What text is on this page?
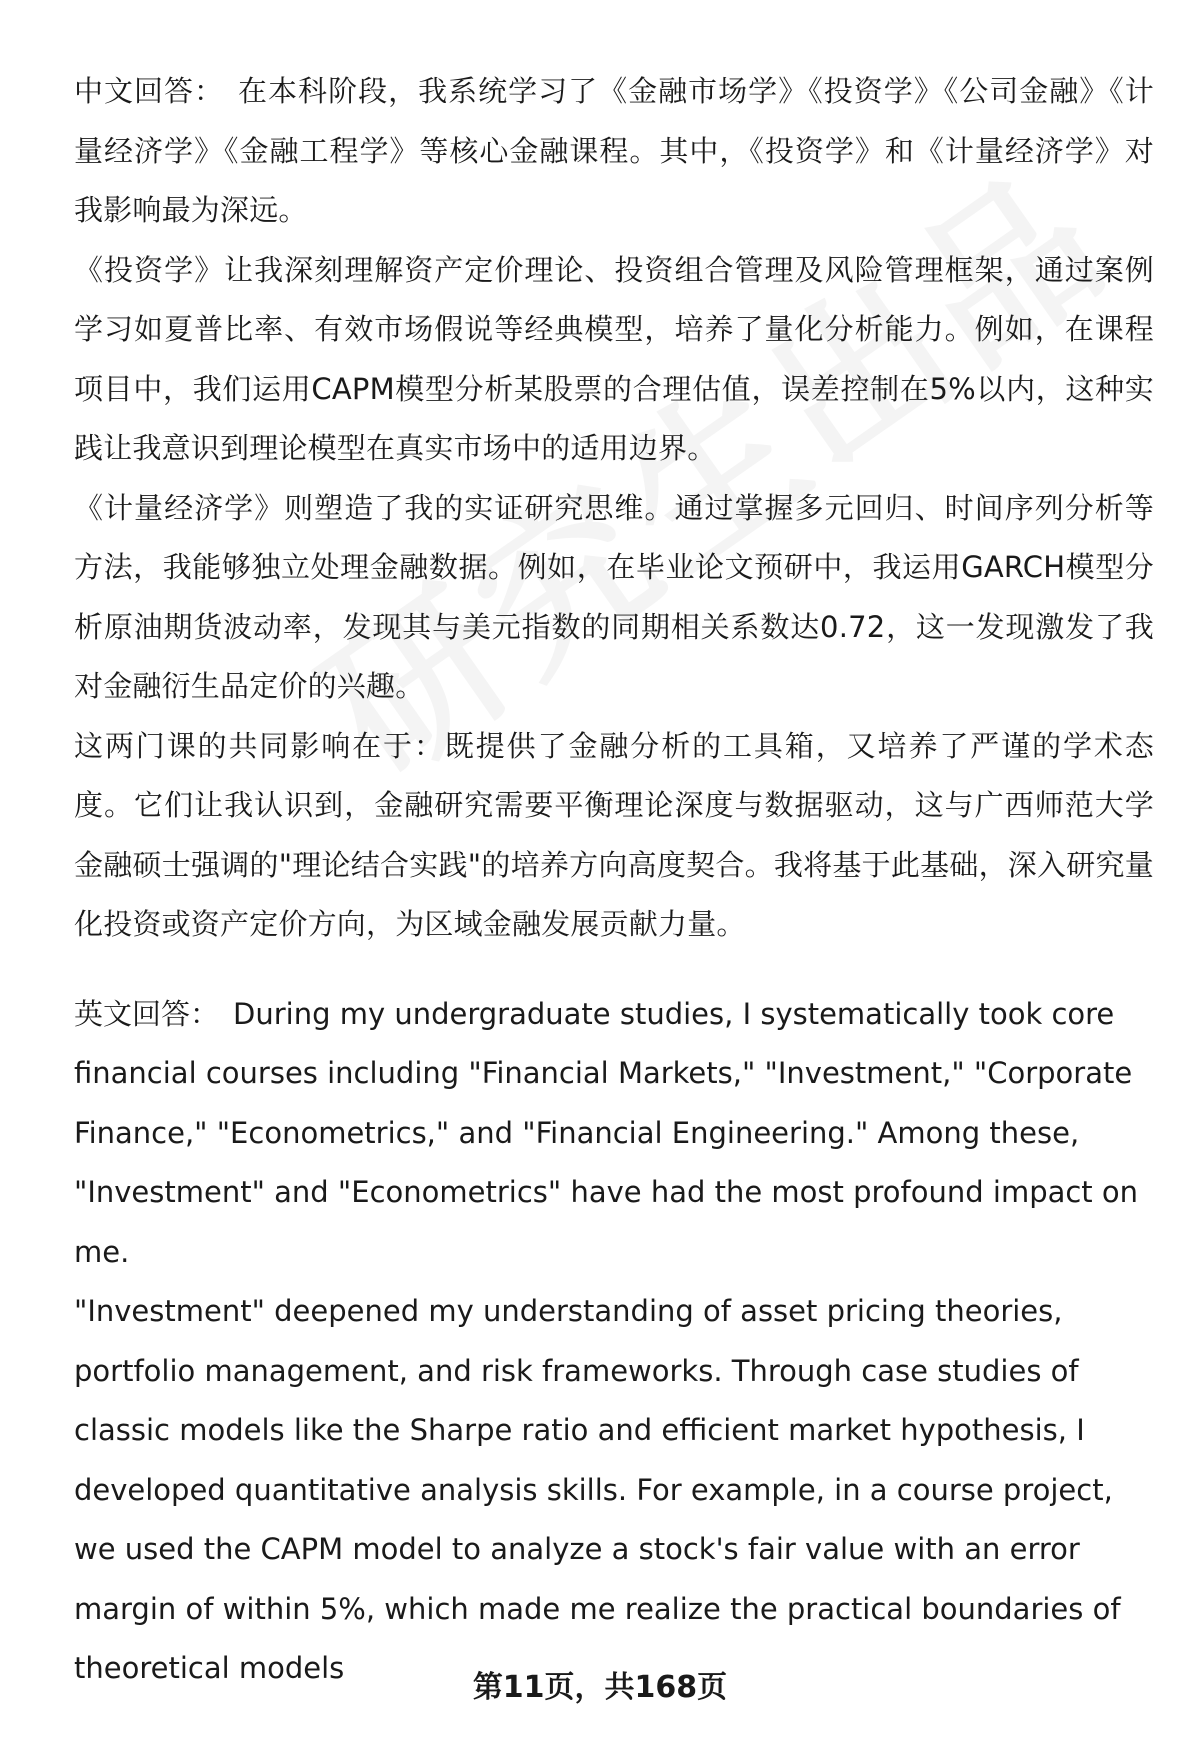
中文回答： 在本科阶段，我系统学习了《金融市场学》《投资学》《公司金融》《计量经济学》《金融工程学》等核心金融课程。其中，《投资学》和《计量经济学》对我影响最为深远。

《投资学》让我深刻理解资产定价理论、投资组合管理及风险管理框架，通过案例学习如夏普比率、有效市场假说等经典模型，培养了量化分析能力。例如，在课程项目中，我们运用CAPM模型分析某股票的合理估值，误差控制在5%以内，这种实践让我意识到理论模型在真实市场中的适用边界。

《计量经济学》则塑造了我的实证研究思维。通过掌握多元回归、时间序列分析等方法，我能够独立处理金融数据。例如，在毕业论文预研中，我运用GARCH模型分析原油期货波动率，发现其与美元指数的同期相关系数达0.72，这一发现激发了我对金融衍生品定价的兴趣。

这两门课的共同影响在于：既提供了金融分析的工具箱，又培养了严谨的学术态度。它们让我认识到，金融研究需要平衡理论深度与数据驱动，这与广西师范大学金融硕士强调的"理论结合实践"的培养方向高度契合。我将基于此基础，深入研究量化投资或资产定价方向，为区域金融发展贡献力量。

英文回答： During my undergraduate studies, I systematically took core financial courses including "Financial Markets," "Investment," "Corporate Finance," "Econometrics," and "Financial Engineering." Among these, "Investment" and "Econometrics" have had the most profound impact on me.

"Investment" deepened my understanding of asset pricing theories, portfolio management, and risk frameworks. Through case studies of classic models like the Sharpe ratio and efficient market hypothesis, I developed quantitative analysis skills. For example, in a course project, we used the CAPM model to analyze a stock's fair value with an error margin of within 5%, which made me realize the practical boundaries of theoretical models

第11页，共168页
